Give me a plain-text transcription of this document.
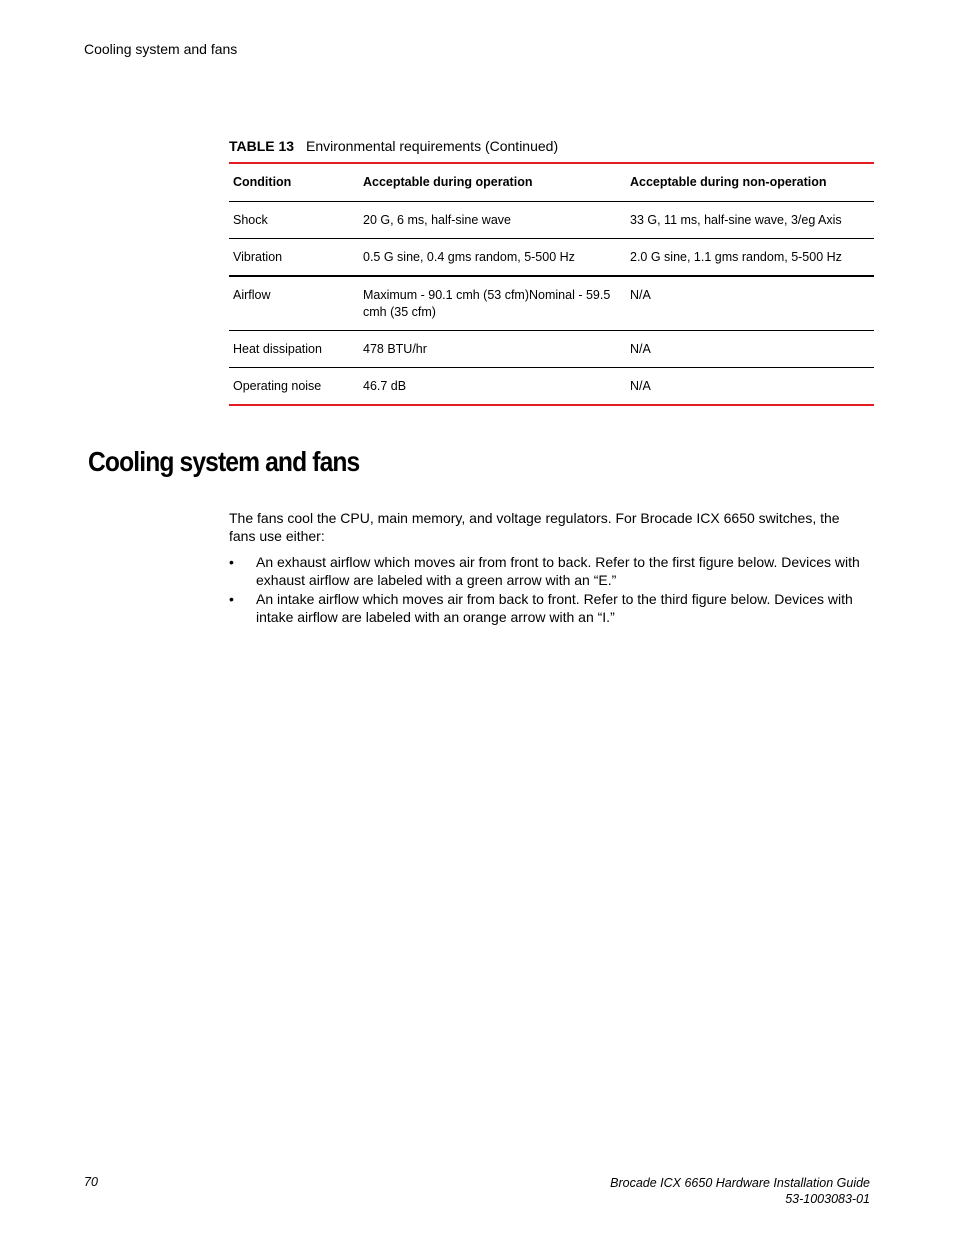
Cooling system and fans
TABLE 13 Environmental requirements (Continued)
Condition	Acceptable during operation	Acceptable during non-operation
Shock	20 G, 6 ms, half-sine wave	33 G, 11 ms, half-sine wave, 3/eg Axis
Vibration	0.5 G sine, 0.4 gms random, 5-500 Hz	2.0 G sine, 1.1 gms random, 5-500 Hz
Airflow	Maximum - 90.1 cmh (53 cfm)Nominal - 59.5 cmh (35 cfm)	N/A
Heat dissipation	478 BTU/hr	N/A
Operating noise	46.7 dB	N/A
Cooling system and fans

The fans cool the CPU, main memory, and voltage regulators. For Brocade ICX 6650 switches, the fans use either:

• An exhaust airflow which moves air from front to back. Refer to the first figure below. Devices with exhaust airflow are labeled with a green arrow with an “E.”
• An intake airflow which moves air from back to front. Refer to the third figure below. Devices with intake airflow are labeled with an orange arrow with an “I.”
70	Brocade ICX 6650 Hardware Installation Guide
53-1003083-01
